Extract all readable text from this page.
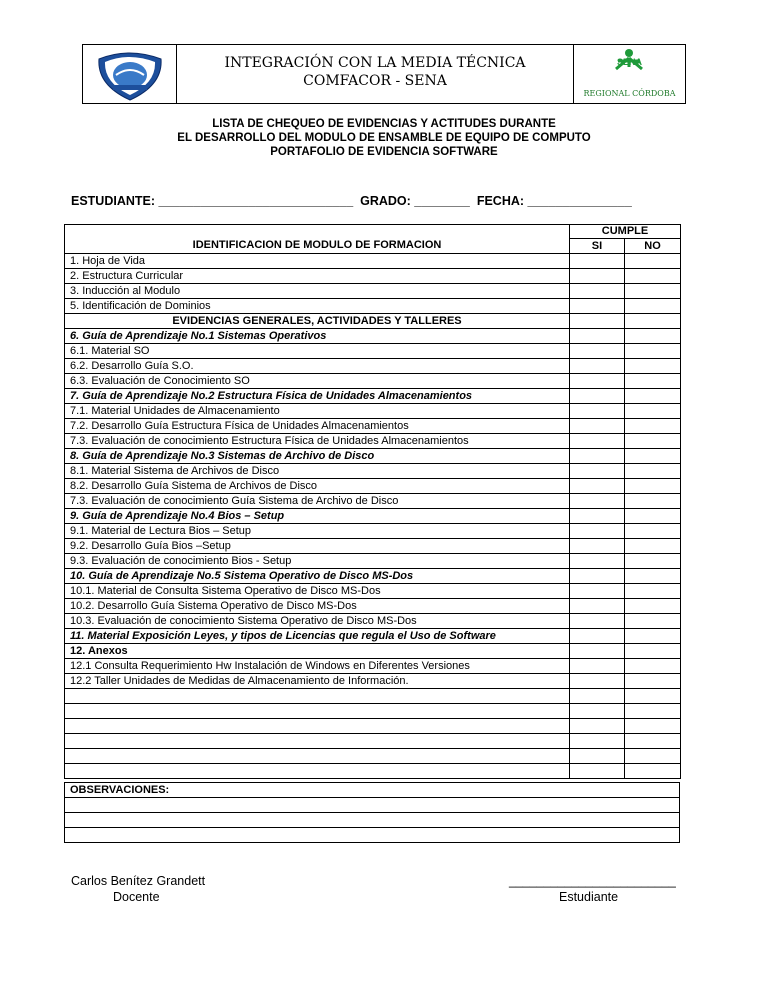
INTEGRACIÓN CON LA MEDIA TÉCNICA
COMFACOR - SENA
SENA
REGIONAL CÓRDOBA
LISTA DE CHEQUEO DE EVIDENCIAS Y ACTITUDES DURANTE
EL DESARROLLO DEL MODULO DE ENSAMBLE DE EQUIPO DE COMPUTO
PORTAFOLIO DE EVIDENCIA SOFTWARE
ESTUDIANTE: ____________________________  GRADO: ________  FECHA: _______________
IDENTIFICACION DE MODULO DE FORMACION	CUMPLE	
	SI	NO
1. Hoja de Vida		
2. Estructura Curricular		
3. Inducción al Modulo		
5. Identificación de Dominios		
EVIDENCIAS GENERALES, ACTIVIDADES Y TALLERES		
6. Guía de Aprendizaje No.1 Sistemas Operativos		
6.1. Material SO		
6.2. Desarrollo Guía S.O.		
6.3. Evaluación de Conocimiento SO		
7. Guía de Aprendizaje No.2 Estructura Física de Unidades Almacenamientos		
7.1. Material Unidades de Almacenamiento		
7.2. Desarrollo Guía Estructura Física de Unidades Almacenamientos		
7.3. Evaluación de conocimiento Estructura Física de Unidades Almacenamientos		
8. Guía de Aprendizaje No.3 Sistemas de Archivo de Disco		
8.1. Material Sistema de Archivos de Disco		
8.2. Desarrollo Guía Sistema de Archivos de Disco		
7.3. Evaluación de conocimiento Guía Sistema de Archivo de Disco		
9. Guía de Aprendizaje No.4 Bios – Setup		
9.1. Material de Lectura Bios – Setup		
9.2. Desarrollo Guía Bios –Setup		
9.3. Evaluación de conocimiento Bios - Setup		
10. Guía de Aprendizaje No.5 Sistema Operativo de Disco MS-Dos		
10.1. Material de Consulta Sistema Operativo de Disco MS-Dos		
10.2. Desarrollo Guía Sistema Operativo de Disco MS-Dos		
10.3. Evaluación de conocimiento Sistema Operativo de Disco MS-Dos		
11. Material Exposición Leyes, y tipos de Licencias que regula el Uso de Software		
12. Anexos		
12.1 Consulta Requerimiento Hw Instalación de Windows en Diferentes Versiones		
12.2 Taller Unidades de Medidas de Almacenamiento de Información.		

OBSERVACIONES:

Carlos Benítez Grandett
Docente
________________________
Estudiante
